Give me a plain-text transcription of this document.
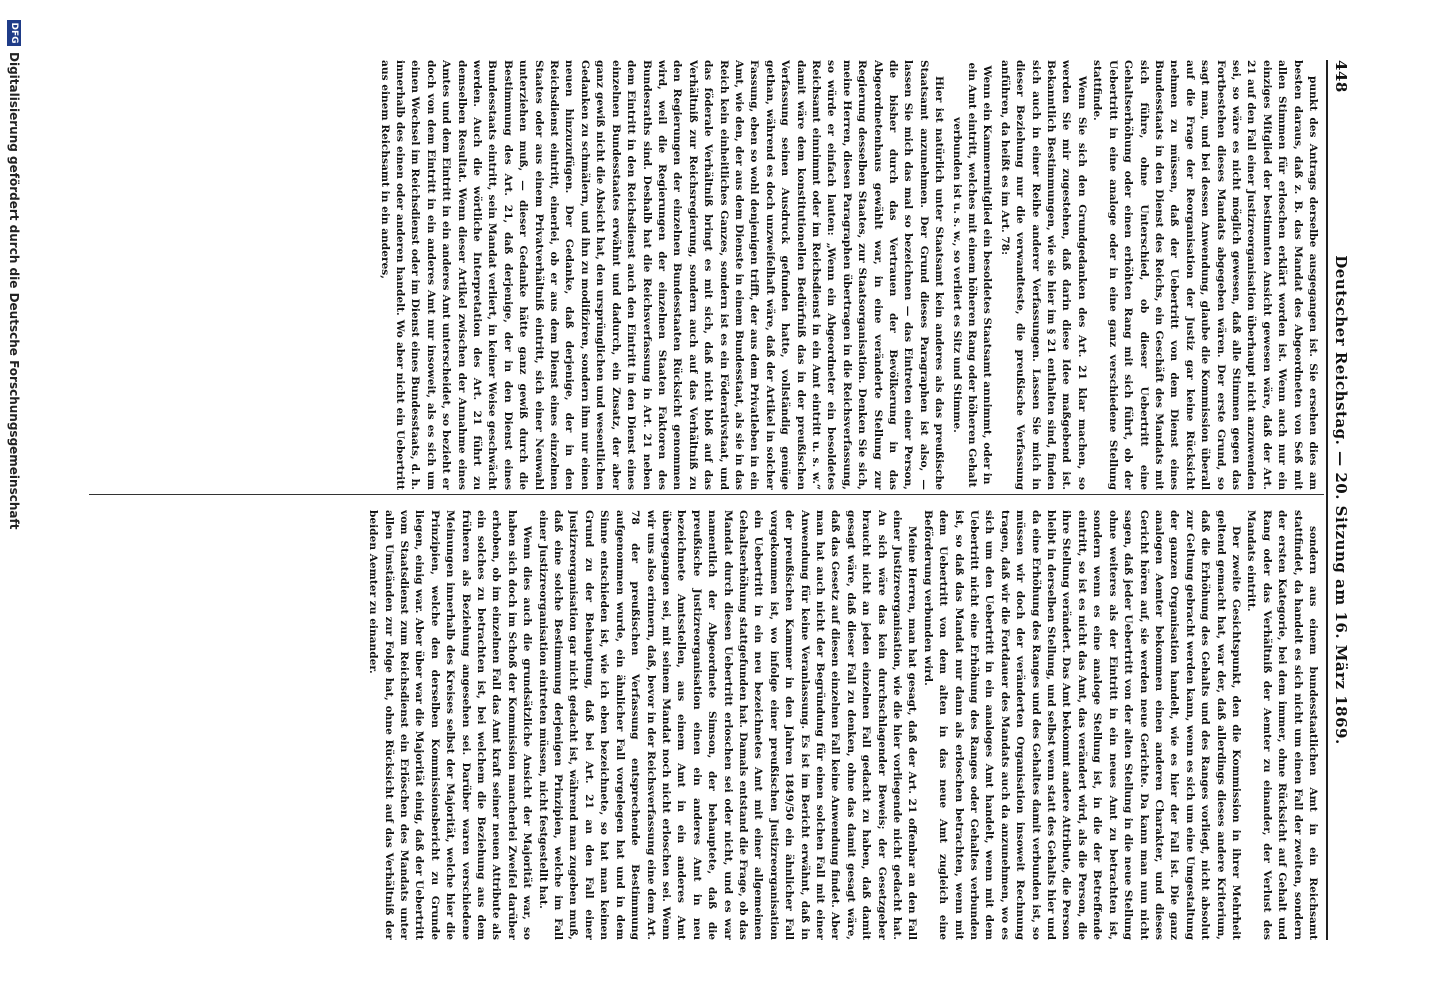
448
Deutscher Reichstag. — 20. Sitzung am 16. März 1869.

punkt des Antrags derselbe ausgegangen ist. Sie ersehen dies am besten daraus, daß z. B. das Mandat des Abgeordneten von Seß mit allen Stimmen für erloschen erklärt worden ist. Wenn auch nur ein einziges Mitglied der bestimmten Ansicht gewesen wäre, daß der Art. 21 auf den Fall einer Justizreorganisation überhaupt nicht anzuwenden sei, so wäre es nicht möglich gewesen, daß alle Stimmen gegen das Fortbestehen dieses Mandats abgegeben wären. Der erste Grund, so sagt man, und bei dessen Anwendung, glaube die Kommission überall auf die Frage der Reorganisation der Justiz gar keine Rücksicht nehmen zu müssen, daß der Uebertritt von dem Dienst eines Bundesstaats in den Dienst des Reichs, ein Geschäft des Mandats mit sich führe, ohne Unterschied, ob dieser Uebertritt eine Gehaltserhöhung oder einen erhöhten Rang mit sich führt, ob der Uebertritt in eine analoge oder in eine ganz verschiedene Stellung stattfinde.

Wenn Sie sich den Grundgedanken des Art. 21 klar machen, so werden Sie mir zugestehen, daß darin diese Idee maßgebend ist. Bekanntlich Bestimmungen, wie sie hier im § 21 enthalten sind, finden sich auch in einer Reihe anderer Verfassungen. Lassen Sie mich in dieser Beziehung nur die verwandteste, die preußische Verfassung anführen, da heißt es im Art. 78:

Wenn ein Kammermitglied ein besoldetes Staatsamt annimmt, oder in ein Amt eintritt, welches mit einem höheren Rang oder höheren Gehalt verbunden ist u. s. w., so verliert es Sitz und Stimme.

Hier ist natürlich unter Staatsamt kein anderes als das preußische Staatsamt anzunehmen. Der Grund dieses Paragraphen ist also, — lassen Sie mich das mal so bezeichnen — das Eintreten einer Person, die bisher durch das Vertrauen der Bevölkerung in das Abgeordnetenhaus gewählt war, in eine veränderte Stellung zur Regierung desselben Staates, zur Staatsorganisation. Denken Sie sich, meine Herren, diesen Paragraphen übertragen in die Reichsverfassung, so würde er einfach lauten: „Wenn ein Abgeordneter ein besoldetes Reichsamt einnimmt oder im Reichsdienst in ein Amt eintritt u. s. w.“ damit wäre dem konstitutionellen Bedürfniß das in der preußischen Verfassung seinen Ausdruck gefunden hatte, vollständig genüge gethan, während es doch unzweifelhaft wäre, daß der Artikel in solcher Fassung, eben so wohl denjenigen trifft, der aus dem Privatleben in ein Amt, wie den, der aus dem Dienste in einem Bundesstaat, als sie in das Reich kein einheitliches Ganzes, sondern ist es ein Föderativstaat, und das föderale Verhältniß bringt es mit sich, daß nicht bloß auf das Verhältniß zur Reichsregierung, sondern auch auf das Verhältniß zu den Regierungen der einzelnen Bundesstaaten Rücksicht genommen wird, weil die Regierungen der einzelnen Staaten Faktoren des Bundesraths sind. Deshalb hat die Reichsverfassung in Art. 21 neben dem Eintritt in den Reichsdienst auch den Eintritt in den Dienst eines einzelnen Bundesstaates erwähnt und dadurch, ein Zusatz, der aber ganz gewiß nicht die Absicht hat, den ursprünglichen und wesentlichen Gedanken zu schmälern, und ihn zu modifiziren, sondern ihm nur einen neuen hinzuzufügen. Der Gedanke, daß derjenige, der in den Reichsdienst eintritt, einerlei, ob er aus dem Dienst eines einzelnen Staates oder aus einem Privatverhältniß eintritt, sich einer Neuwahl unterziehen muß, — dieser Gedanke hätte ganz gewiß durch die Bestimmung des Art. 21, daß derjenige, der in den Dienst eines Bundesstaats eintritt, sein Mandat verliert, in keiner Weise geschwächt werden. Auch die wörtliche Interpretation des Art. 21 führt zu demselben Resultat. Wenn dieser Artikel zwischen der Annahme eines Amtes und dem Eintritt in ein anderes Amt unterscheidet, so bezieht er doch von dem Eintritt in ein anderes Amt nur insoweit, als es sich um einen Wechsel im Reichsdienst oder im Dienst eines Bundesstaats, d. h. innerhalb des einen oder anderen handelt. Wo aber nicht ein Uebertritt aus einem Reichsamt in ein anderes,

sondern aus einem bundesstaatlichen Amt in ein Reichsamt stattfindet, da handelt es sich nicht um einen Fall der zweiten, sondern der ersten Kategorie, bei dem immer, ohne Rücksicht auf Gehalt und Rang oder das Verhältniß der Aemter zu einander, der Verlust des Mandats eintritt.

Der zweite Gesichtspunkt, den die Kommission in ihrer Mehrheit geltend gemacht hat, war der, daß allerdings dieses andere Kriterium, daß die Erhöhung des Gehalts und des Ranges vorliegt, nicht absolut zur Geltung gebracht werden kann, wenn es sich um eine Umgestaltung der ganzen Organisation handelt, wie es hier der Fall ist. Die ganz analogen Aemter bekommen einen anderen Charakter, und dieses Gericht hören auf, sie werden neue Gerichte. Da kann man nun nicht sagen, daß jeder Uebertritt von der alten Stellung in die neue Stellung ohne weiteres als der Eintritt in ein neues Amt zu betrachten ist, sondern wenn es eine analoge Stellung ist, in die der Betreffende eintritt, so ist es nicht das Amt, das verändert wird, als die Person, die ihre Stellung verändert. Das Amt bekommt andere Attribute, die Person bleibt in derselben Stellung, und selbst wenn statt des Gehalts hier und da eine Erhöhung des Ranges und des Gehaltes damit verbunden ist, so müssen wir doch der veränderten Organisation insoweit Rechnung tragen, daß wir die Fortdauer des Mandats auch da anzunehmen, wo es sich um den Uebertritt in ein analoges Amt handelt, wenn mit dem Uebertritt nicht eine Erhöhung des Ranges oder Gehaltes verbunden ist, so daß das Mandat nur dann als erloschen betrachten, wenn mit dem Uebertritt von dem alten in das neue Amt zugleich eine Beförderung verbunden wird.

Meine Herren, man hat gesagt, daß der Art. 21 offenbar an den Fall einer Justizreorganisation, wie die hier vorliegende nicht gedacht hat. An sich wäre das kein durchschlagender Beweis; der Gesetzgeber braucht nicht an jeden einzelnen Fall gedacht zu haben, daß damit gesagt wäre, daß dieser Fall zu denken, ohne das damit gesagt wäre, daß das Gesetz auf diesen einzelnen Fall keine Anwendung findet. Aber man hat auch nicht der Begründung für einen solchen Fall mit einer Anwendung für keine Veranlassung. Es ist im Bericht erwähnt, daß in der preußischen Kammer in den Jahren 1849/50 ein ähnlicher Fall vorgekommen ist, wo infolge einer preußischen Justizreorganisation ein Uebertritt in ein neu bezeichnetes Amt mit einer allgemeinen Gehaltserhöhung stattgefunden hat. Damals entstand die Frage, ob das Mandat durch diesen Uebertritt erloschen sei oder nicht, und es war namentlich der Abgeordnete Simson, der behauptete, daß die preußische Justizreorganisation einen ein anderes Amt in neu bezeichnete Amtsstellen, aus einem Amt in ein anderes Amt übergegangen sei, mit seinem Mandat noch nicht erloschen sei. Wenn wir uns also erinnern, daß, bevor in der Reichsverfassung eine dem Art. 78 der preußischen Verfassung entsprechende Bestimmung aufgenommen wurde, ein ähnlicher Fall vorgelegen hat und in dem Sinne entschieden ist, wie ich eben bezeichnete, so hat man keinen Grund zu der Behauptung, daß bei Art. 21 an den Fall einer Justizreorganisation gar nicht gedacht ist, während man zugeben muß, daß eine solche Bestimmung derjenigen Prinzipien, welche im Fall einer Justizreorganisation eintreten müssen, nicht festgestellt hat.

Wenn dies auch die grundsätzliche Ansicht der Majorität war, so haben sich doch im Schoß der Kommission mancherlei Zweifel darüber erhoben, ob im einzelnen Fall das Amt kraft seiner neuen Attribute als ein solches zu betrachten ist, bei welchem die Beziehung aus dem früheren als Beziehung angesehen sei. Darüber waren verschiedene Meinungen innerhalb des Kreises selbst der Majorität, welche hier die Prinzipien, welche den derselben Kommissionsbericht zu Grunde liegen, einig war. Aber über war die Majorität einig, daß der Uebertritt vom Staatsdienst zum Reichsdienst ein Erlöschen des Mandats unter allen Umständen zur Folge hat, ohne Rücksicht auf das Verhältniß der beiden Aemter zu einander.

DFG
Digitalisierung gefördert durch die Deutsche Forschungsgemeinschaft
